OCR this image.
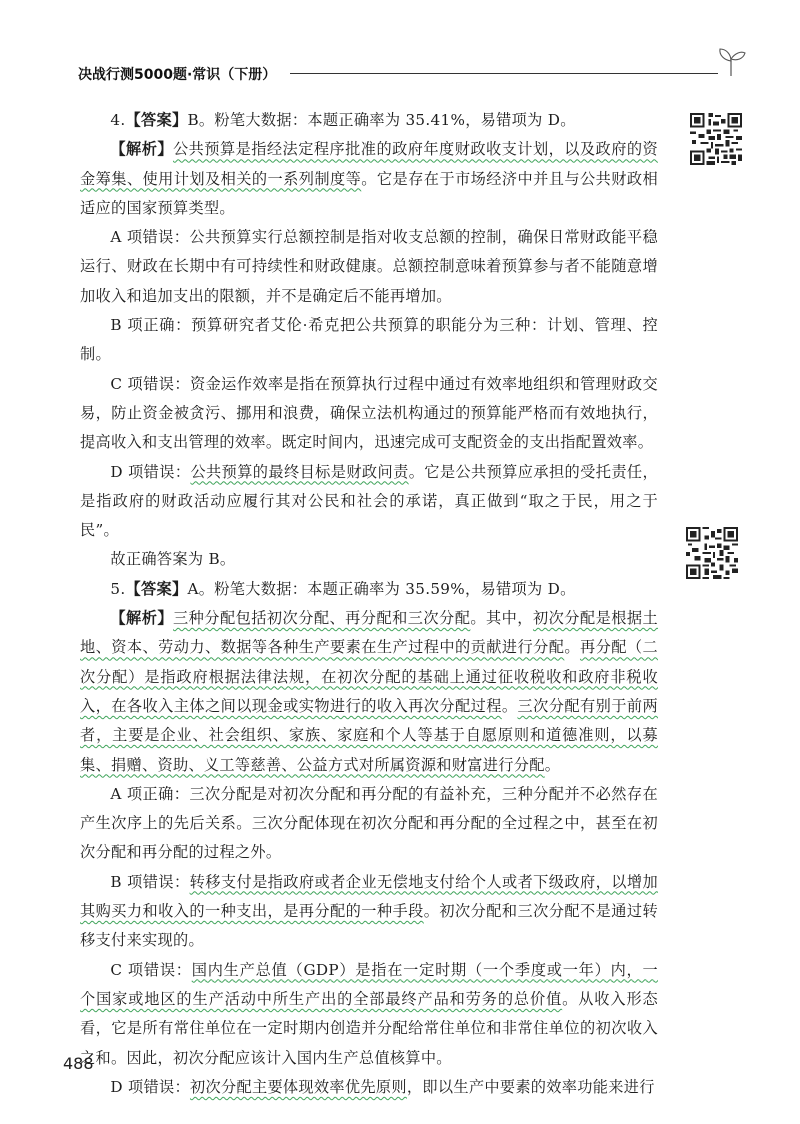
决战行测5000题·常识（下册）

4.【答案】B。粉笔大数据：本题正确率为 35.41%，易错项为 D。

【解析】公共预算是指经法定程序批准的政府年度财政收支计划，以及政府的资金筹集、使用计划及相关的一系列制度等。它是存在于市场经济中并且与公共财政相适应的国家预算类型。

A 项错误：公共预算实行总额控制是指对收支总额的控制，确保日常财政能平稳运行、财政在长期中有可持续性和财政健康。总额控制意味着预算参与者不能随意增加收入和追加支出的限额，并不是确定后不能再增加。

B 项正确：预算研究者艾伦·希克把公共预算的职能分为三种：计划、管理、控制。

C 项错误：资金运作效率是指在预算执行过程中通过有效率地组织和管理财政交易，防止资金被贪污、挪用和浪费，确保立法机构通过的预算能严格而有效地执行，提高收入和支出管理的效率。既定时间内，迅速完成可支配资金的支出指配置效率。

D 项错误：公共预算的最终目标是财政问责。它是公共预算应承担的受托责任，是指政府的财政活动应履行其对公民和社会的承诺，真正做到“取之于民，用之于民”。

故正确答案为 B。

5.【答案】A。粉笔大数据：本题正确率为 35.59%，易错项为 D。

【解析】三种分配包括初次分配、再分配和三次分配。其中，初次分配是根据土地、资本、劳动力、数据等各种生产要素在生产过程中的贡献进行分配。再分配（二次分配）是指政府根据法律法规，在初次分配的基础上通过征收税收和政府非税收入，在各收入主体之间以现金或实物进行的收入再次分配过程。三次分配有别于前两者，主要是企业、社会组织、家族、家庭和个人等基于自愿原则和道德准则，以募集、捐赠、资助、义工等慈善、公益方式对所属资源和财富进行分配。

A 项正确：三次分配是对初次分配和再分配的有益补充，三种分配并不必然存在产生次序上的先后关系。三次分配体现在初次分配和再分配的全过程之中，甚至在初次分配和再分配的过程之外。

B 项错误：转移支付是指政府或者企业无偿地支付给个人或者下级政府，以增加其购买力和收入的一种支出，是再分配的一种手段。初次分配和三次分配不是通过转移支付来实现的。

C 项错误：国内生产总值（GDP）是指在一定时期（一个季度或一年）内，一个国家或地区的生产活动中所生产出的全部最终产品和劳务的总价值。从收入形态看，它是所有常住单位在一定时期内创造并分配给常住单位和非常住单位的初次收入之和。因此，初次分配应该计入国内生产总值核算中。

D 项错误：初次分配主要体现效率优先原则，即以生产中要素的效率功能来进行

488
